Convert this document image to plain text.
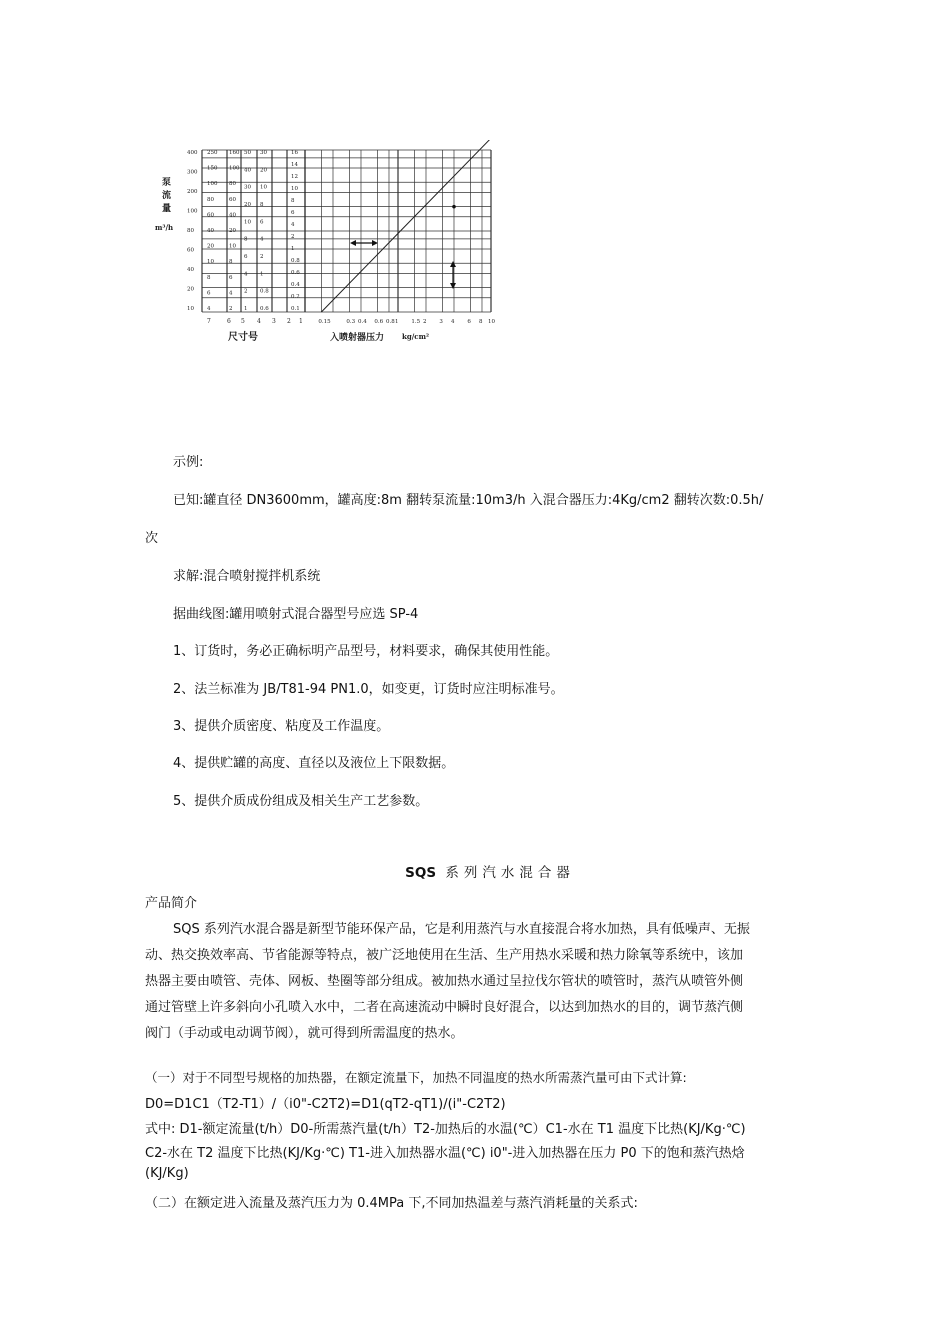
400
300
200
100
80
60
40
20
10
250
150
100
80
60
40
20
10
8
6
4
160
100
80
60
40
20
10
8
6
4
2
50
40
30
20
10
8
6
4
2
1
30
20
10
8
6
4
2
1
0.8
0.6
16
14
12
10
8
6
4
2
1
0.8
0.6
0.4
0.2
0.1
7	6 5 4 3 2 1	0.15	0.3 0.4 0.6 0.8 1 1.5 2 3 4 6 8 10
泵
流
量
m³/h
尺寸号	入喷射器压力	kg/cm²
示例:
已知:罐直径 DN3600mm，罐高度:8m 翻转泵流量:10m3/h 入混合器压力:4Kg/cm2 翻转次数:0.5h/
次
求解:混合喷射搅拌机系统
据曲线图:罐用喷射式混合器型号应选 SP-4
1、订货时，务必正确标明产品型号，材料要求，确保其使用性能。
2、法兰标准为 JB/T81-94 PN1.0，如变更，订货时应注明标准号。
3、提供介质密度、粘度及工作温度。
4、提供贮罐的高度、直径以及液位上下限数据。
5、提供介质成份组成及相关生产工艺参数。
SQS 系列汽水混合器
产品简介
SQS 系列汽水混合器是新型节能环保产品，它是利用蒸汽与水直接混合将水加热，具有低噪声、无振
动、热交换效率高、节省能源等特点，被广泛地使用在生活、生产用热水采暖和热力除氧等系统中，该加
热器主要由喷管、壳体、网板、垫圈等部分组成。被加热水通过呈拉伐尔管状的喷管时，蒸汽从喷管外侧
通过管壁上许多斜向小孔喷入水中，二者在高速流动中瞬时良好混合，以达到加热水的目的，调节蒸汽侧
阀门（手动或电动调节阀），就可得到所需温度的热水。
（一）对于不同型号规格的加热器，在额定流量下，加热不同温度的热水所需蒸汽量可由下式计算:
D0=D1C1（T2-T1）/（i0"-C2T2)=D1(qT2-qT1)/(i"-C2T2)
式中: D1-额定流量(t/h）D0-所需蒸汽量(t/h）T2-加热后的水温(℃）C1-水在 T1 温度下比热(KJ/Kg·℃)
C2-水在 T2 温度下比热(KJ/Kg·℃) T1-进入加热器水温(℃) i0"-进入加热器在压力 P0 下的饱和蒸汽热焓
(KJ/Kg)
（二）在额定进入流量及蒸汽压力为 0.4MPa 下,不同加热温差与蒸汽消耗量的关系式:
